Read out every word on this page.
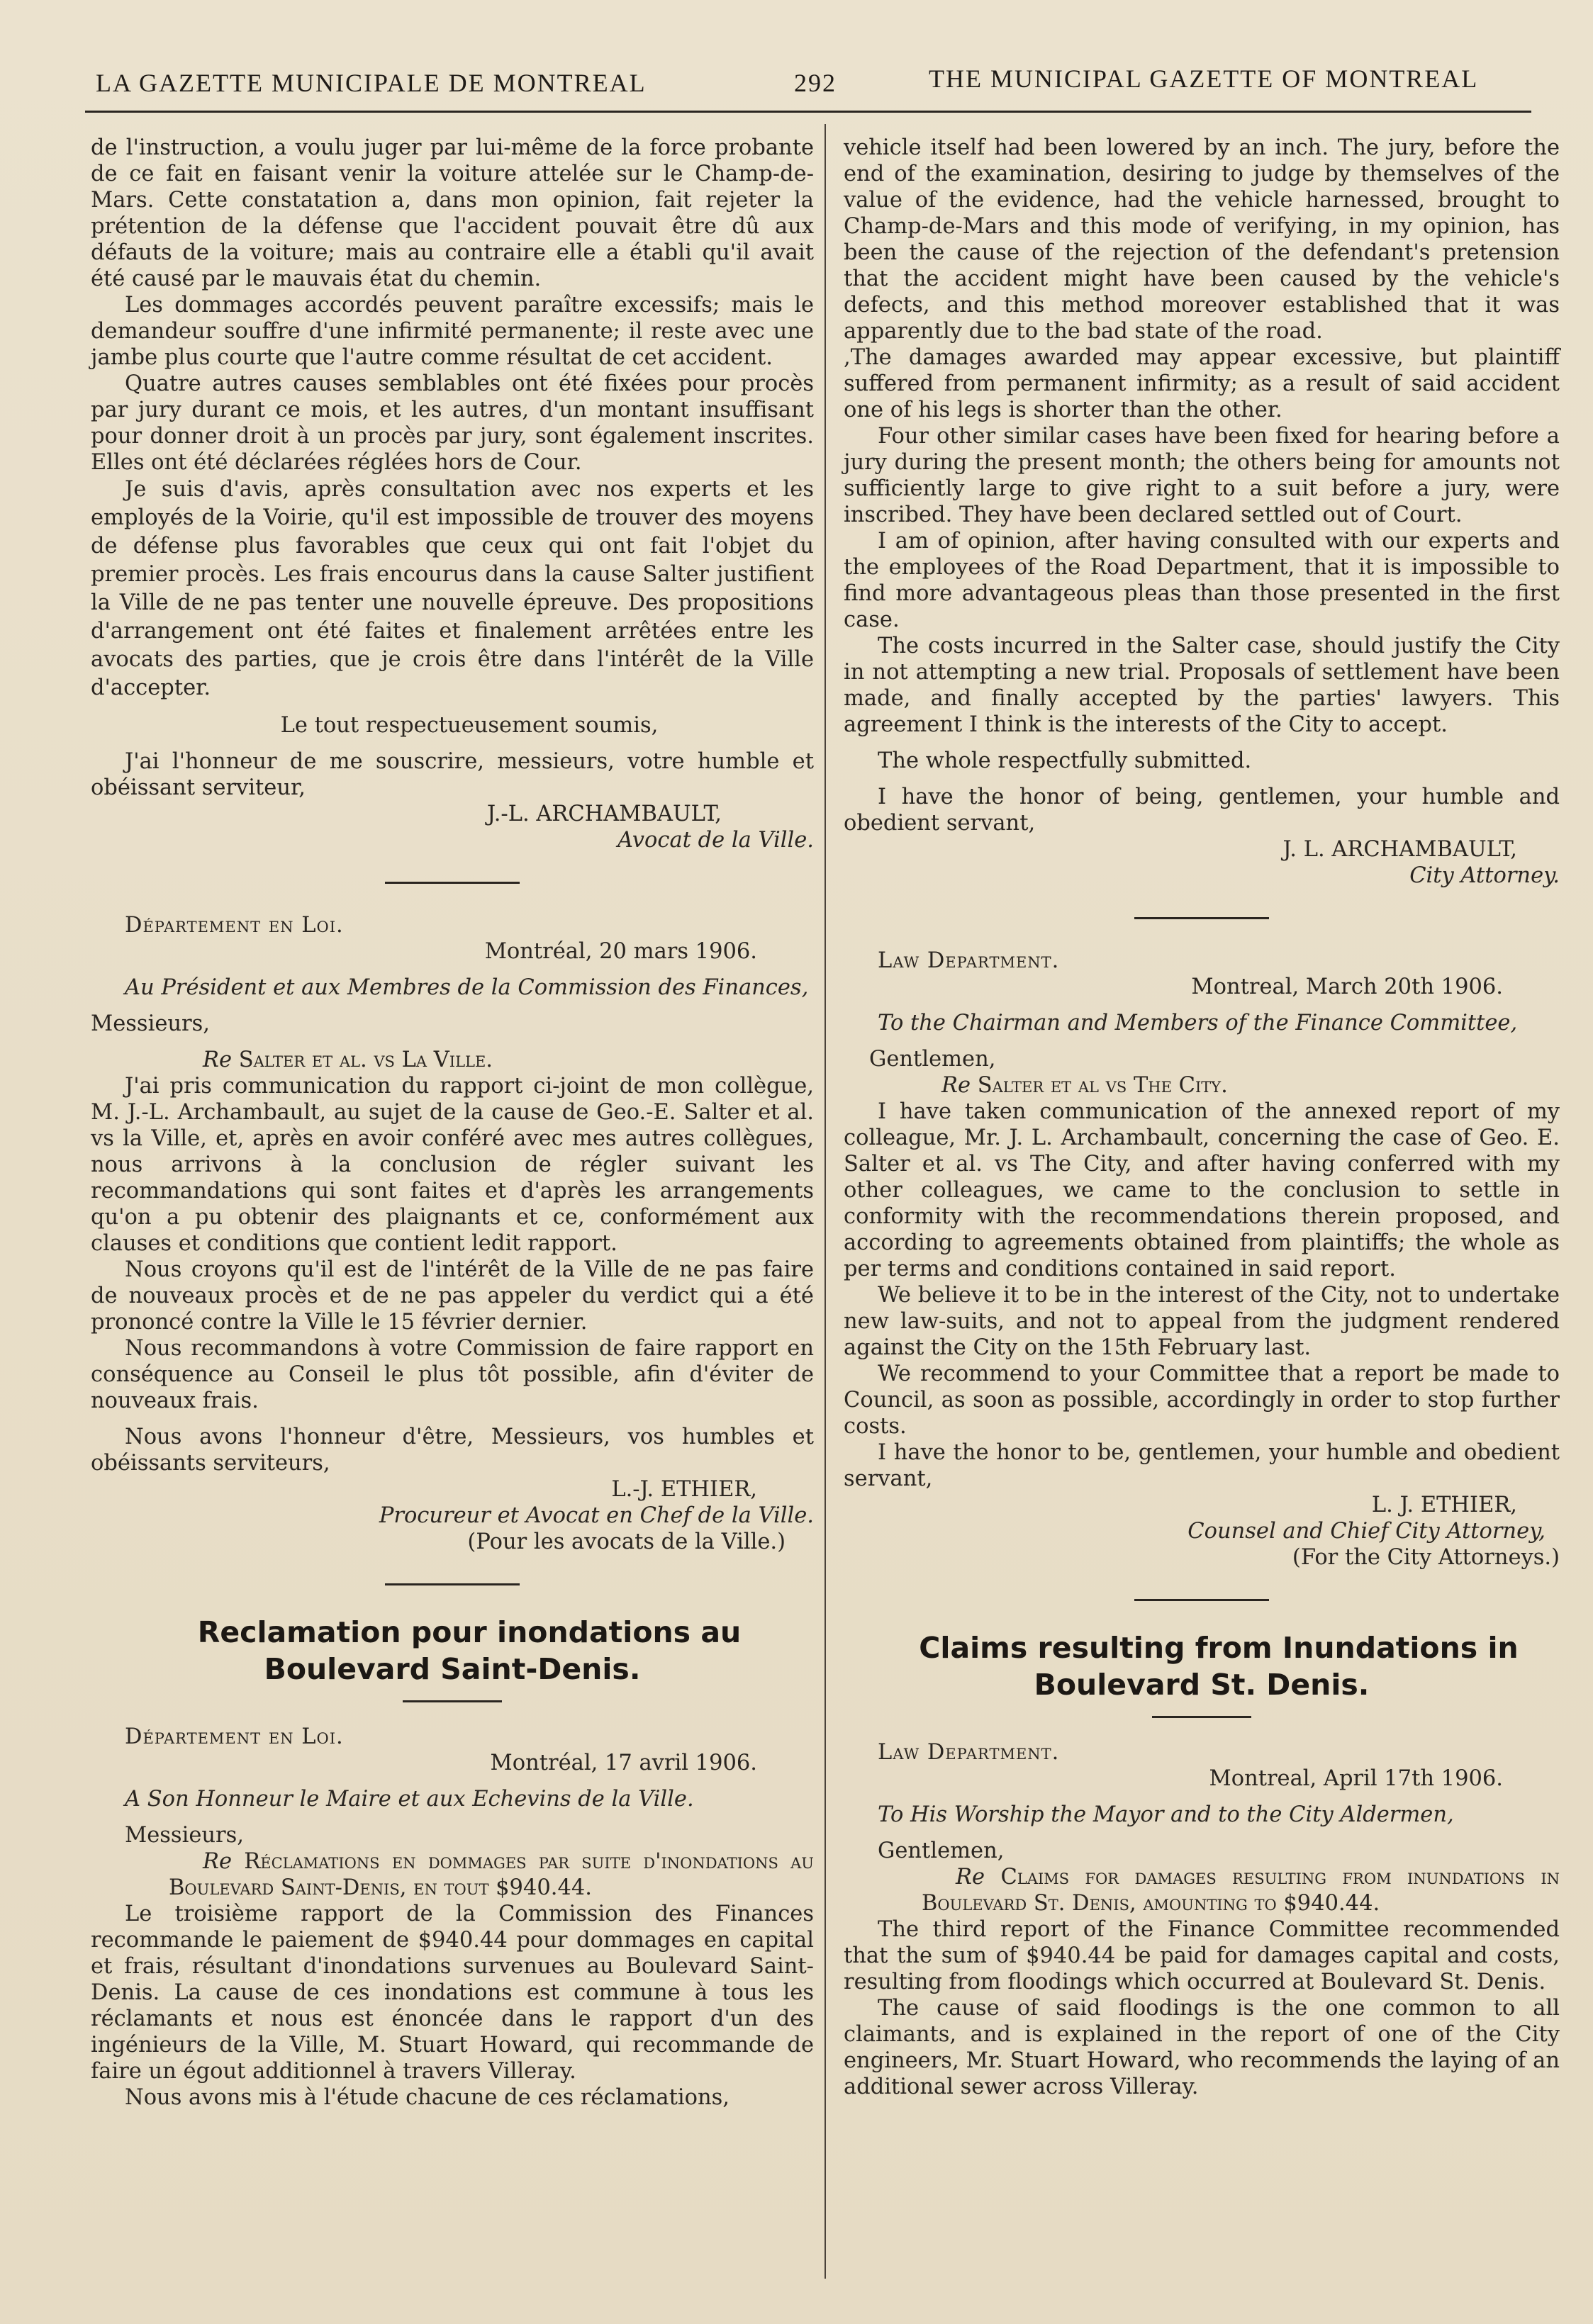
LA GAZETTE MUNICIPALE DE MONTREAL	292	THE MUNICIPAL GAZETTE OF MONTREAL

de l'instruction, a voulu juger par lui-même de la force probante de ce fait en faisant venir la voiture attelée sur le Champ-de-Mars. Cette constatation a, dans mon opinion, fait rejeter la prétention de la défense que l'accident pouvait être dû aux défauts de la voiture; mais au contraire elle a établi qu'il avait été causé par le mauvais état du chemin.

Les dommages accordés peuvent paraître excessifs; mais le demandeur souffre d'une infirmité permanente; il reste avec une jambe plus courte que l'autre comme résultat de cet accident.

Quatre autres causes semblables ont été fixées pour procès par jury durant ce mois, et les autres, d'un montant insuffisant pour donner droit à un procès par jury, sont également inscrites. Elles ont été déclarées réglées hors de Cour.

Je suis d'avis, après consultation avec nos experts et les employés de la Voirie, qu'il est impossible de trouver des moyens de défense plus favorables que ceux qui ont fait l'objet du premier procès. Les frais encourus dans la cause Salter justifient la Ville de ne pas tenter une nouvelle épreuve. Des propositions d'arrangement ont été faites et finalement arrêtées entre les avocats des parties, que je crois être dans l'intérêt de la Ville d'accepter.

Le tout respectueusement soumis,

J'ai l'honneur de me souscrire, messieurs, votre humble et obéissant serviteur,

J.-L. ARCHAMBAULT,

Avocat de la Ville.

Département en Loi.

Montréal, 20 mars 1906.

Au Président et aux Membres de la Commission des Finances,

Messieurs,

Re Salter et al. vs La Ville.

J'ai pris communication du rapport ci-joint de mon collègue, M. J.-L. Archambault, au sujet de la cause de Geo.-E. Salter et al. vs la Ville, et, après en avoir conféré avec mes autres collègues, nous arrivons à la conclusion de régler suivant les recommandations qui sont faites et d'après les arrangements qu'on a pu obtenir des plaignants et ce, conformément aux clauses et conditions que contient ledit rapport.

Nous croyons qu'il est de l'intérêt de la Ville de ne pas faire de nouveaux procès et de ne pas appeler du verdict qui a été prononcé contre la Ville le 15 février dernier.

Nous recommandons à votre Commission de faire rapport en conséquence au Conseil le plus tôt possible, afin d'éviter de nouveaux frais.

Nous avons l'honneur d'être, Messieurs, vos humbles et obéissants serviteurs,

L.-J. ETHIER,

Procureur et Avocat en Chef de la Ville.

(Pour les avocats de la Ville.)

Reclamation pour inondations au Boulevard Saint-Denis.

Département en Loi.

Montréal, 17 avril 1906.

A Son Honneur le Maire et aux Echevins de la Ville.

Messieurs,

Re Réclamations en dommages par suite d'inondations au Boulevard Saint-Denis, en tout $940.44.

Le troisième rapport de la Commission des Finances recommande le paiement de $940.44 pour dommages en capital et frais, résultant d'inondations survenues au Boulevard Saint-Denis. La cause de ces inondations est commune à tous les réclamants et nous est énoncée dans le rapport d'un des ingénieurs de la Ville, M. Stuart Howard, qui recommande de faire un égout additionnel à travers Villeray.

Nous avons mis à l'étude chacune de ces réclamations,

vehicle itself had been lowered by an inch. The jury, before the end of the examination, desiring to judge by themselves of the value of the evidence, had the vehicle harnessed, brought to Champ-de-Mars and this mode of verifying, in my opinion, has been the cause of the rejection of the defendant's pretension that the accident might have been caused by the vehicle's defects, and this method moreover established that it was apparently due to the bad state of the road.

,The damages awarded may appear excessive, but plaintiff suffered from permanent infirmity; as a result of said accident one of his legs is shorter than the other.

Four other similar cases have been fixed for hearing before a jury during the present month; the others being for amounts not sufficiently large to give right to a suit before a jury, were inscribed. They have been declared settled out of Court.

I am of opinion, after having consulted with our experts and the employees of the Road Department, that it is impossible to find more advantageous pleas than those presented in the first case.

The costs incurred in the Salter case, should justify the City in not attempting a new trial. Proposals of settlement have been made, and finally accepted by the parties' lawyers. This agreement I think is the interests of the City to accept.

The whole respectfully submitted.

I have the honor of being, gentlemen, your humble and obedient servant,

J. L. ARCHAMBAULT,

City Attorney.

Law Department.

Montreal, March 20th 1906.

To the Chairman and Members of the Finance Committee,

Gentlemen,

Re Salter et al vs The City.

I have taken communication of the annexed report of my colleague, Mr. J. L. Archambault, concerning the case of Geo. E. Salter et al. vs The City, and after having conferred with my other colleagues, we came to the conclusion to settle in conformity with the recommendations therein proposed, and according to agreements obtained from plaintiffs; the whole as per terms and conditions contained in said report.

We believe it to be in the interest of the City, not to undertake new law-suits, and not to appeal from the judgment rendered against the City on the 15th February last.

We recommend to your Committee that a report be made to Council, as soon as possible, accordingly in order to stop further costs.

I have the honor to be, gentlemen, your humble and obedient servant,

L. J. ETHIER,

Counsel and Chief City Attorney,

(For the City Attorneys.)

Claims resulting from Inundations in Boulevard St. Denis.

Law Department.

Montreal, April 17th 1906.

To His Worship the Mayor and to the City Aldermen,

Gentlemen,

Re Claims for damages resulting from inundations in Boulevard St. Denis, amounting to $940.44.

The third report of the Finance Committee recommended that the sum of $940.44 be paid for damages capital and costs, resulting from floodings which occurred at Boulevard St. Denis.

The cause of said floodings is the one common to all claimants, and is explained in the report of one of the City engineers, Mr. Stuart Howard, who recommends the laying of an additional sewer across Villeray.
